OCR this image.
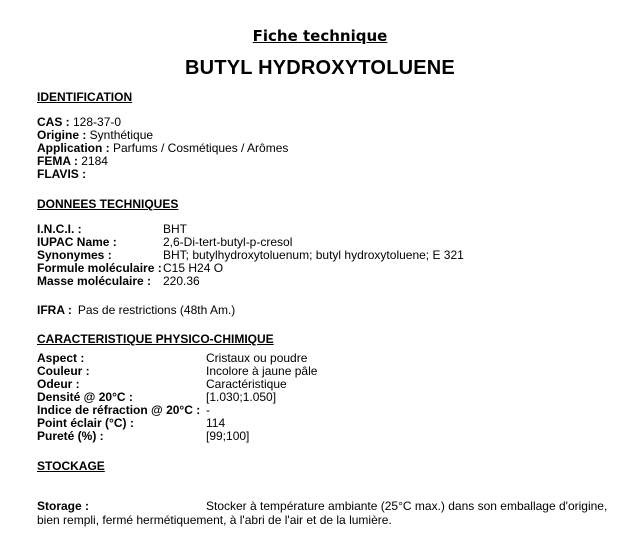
Fiche technique
BUTYL HYDROXYTOLUENE
IDENTIFICATION
CAS : 128-37-0
Origine : Synthétique
Application : Parfums / Cosmétiques / Arômes
FEMA : 2184
FLAVIS :
DONNEES TECHNIQUES
I.N.C.I. :	BHT
IUPAC Name :	2,6-Di-tert-butyl-p-cresol
Synonymes :	BHT; butylhydroxytoluenum; butyl hydroxytoluene; E 321
Formule moléculaire : C15 H24 O
Masse moléculaire : 220.36
IFRA : Pas de restrictions (48th Am.)
CARACTERISTIQUE PHYSICO-CHIMIQUE
Aspect :	Cristaux ou poudre
Couleur :	Incolore à jaune pâle
Odeur :	Caractéristique
Densité @ 20°C :	[1.030;1.050]
Indice de réfraction @ 20°C : -
Point éclair (°C) :	114
Pureté (%) :	[99;100]
STOCKAGE
Storage :	Stocker à température ambiante (25°C max.) dans son emballage d'origine, bien rempli, fermé hermétiquement, à l'abri de l'air et de la lumière.
